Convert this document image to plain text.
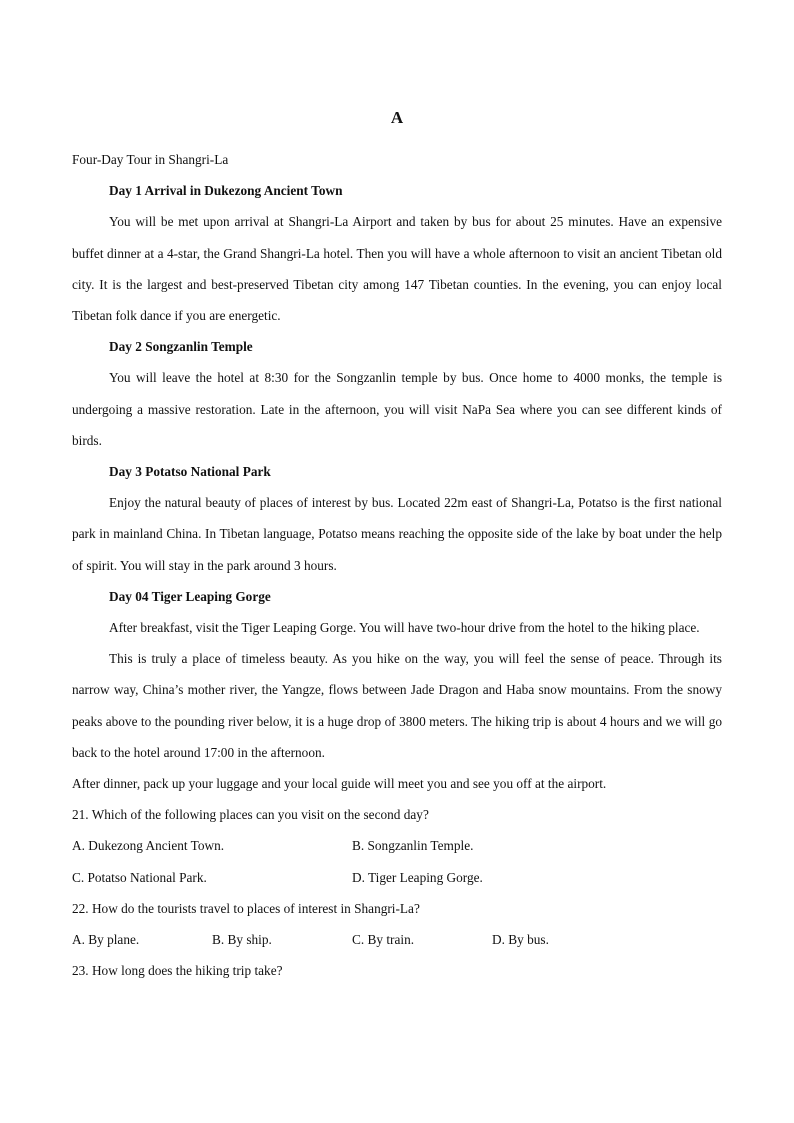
A

Four-Day Tour in Shangri-La

Day 1 Arrival in Dukezong Ancient Town

You will be met upon arrival at Shangri-La Airport and taken by bus for about 25 minutes. Have an expensive buffet dinner at a 4-star, the Grand Shangri-La hotel. Then you will have a whole afternoon to visit an ancient Tibetan old city. It is the largest and best-preserved Tibetan city among 147 Tibetan counties. In the evening, you can enjoy local Tibetan folk dance if you are energetic.

Day 2 Songzanlin Temple

You will leave the hotel at 8:30 for the Songzanlin temple by bus. Once home to 4000 monks, the temple is undergoing a massive restoration. Late in the afternoon, you will visit NaPa Sea where you can see different kinds of birds.

Day 3 Potatso National Park

Enjoy the natural beauty of places of interest by bus. Located 22m east of Shangri-La, Potatso is the first national park in mainland China. In Tibetan language, Potatso means reaching the opposite side of the lake by boat under the help of spirit. You will stay in the park around 3 hours.

Day 04 Tiger Leaping Gorge

After breakfast, visit the Tiger Leaping Gorge. You will have two-hour drive from the hotel to the hiking place.

This is truly a place of timeless beauty. As you hike on the way, you will feel the sense of peace. Through its narrow way, China’s mother river, the Yangze, flows between Jade Dragon and Haba snow mountains. From the snowy peaks above to the pounding river below, it is a huge drop of 3800 meters. The hiking trip is about 4 hours and we will go back to the hotel around 17:00 in the afternoon.

After dinner, pack up your luggage and your local guide will meet you and see you off at the airport.

21. Which of the following places can you visit on the second day?

A. Dukezong Ancient Town.	B. Songzanlin Temple.
C. Potatso National Park.	D. Tiger Leaping Gorge.

22. How do the tourists travel to places of interest in Shangri-La?

A. By plane.	B. By ship.	C. By train.	D. By bus.

23. How long does the hiking trip take?
